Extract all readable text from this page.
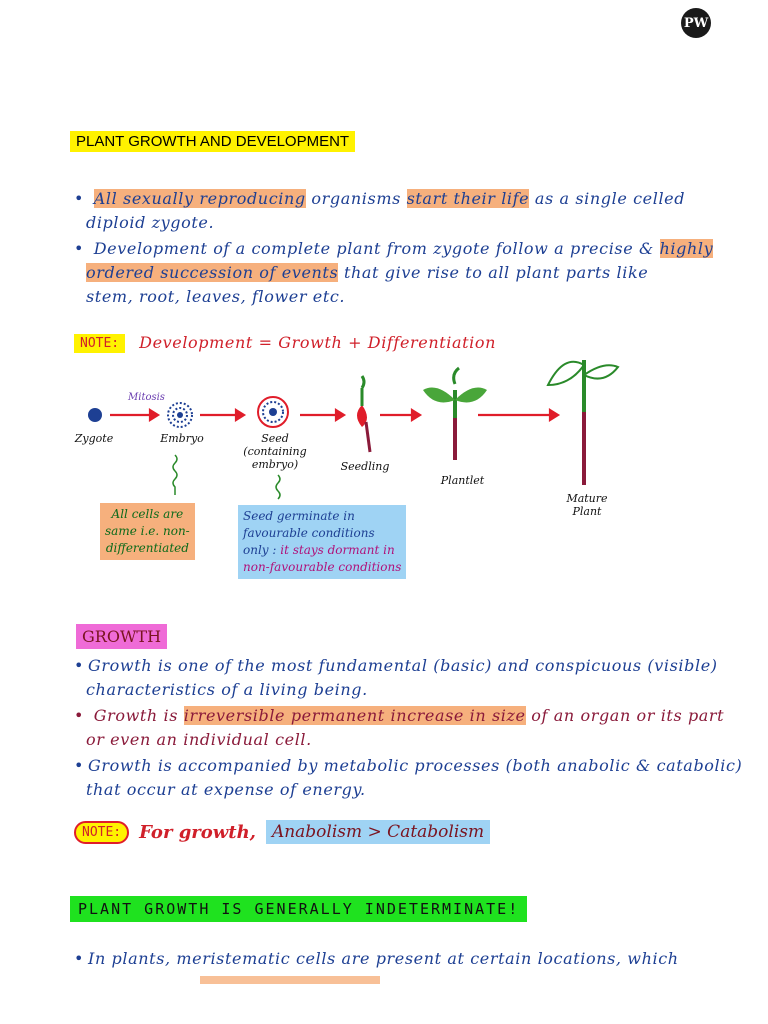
PW
PLANT GROWTH AND DEVELOPMENT
• All sexually reproducing organisms start their life as a single celled
diploid zygote.
• Development of a complete plant from zygote follow a precise & highly
ordered succession of events that give rise to all plant parts like
stem, root, leaves, flower etc.
NOTE:	Development = Growth + Differentiation
Mitosis
Zygote	Embryo	Seed
(containing
embryo)	Seedling
Plantlet
Mature
Plant
All cells are
same i.e. non-
differentiated
Seed germinate in
favourable conditions
only : it stays dormant in
non-favourable conditions
GROWTH
• Growth is one of the most fundamental (basic) and conspicuous (visible)
characteristics of a living being.
• Growth is irreversible permanent increase in size of an organ or its part
or even an individual cell.
• Growth is accompanied by metabolic processes (both anabolic & catabolic)
that occur at expense of energy.
NOTE:	For growth, Anabolism > Catabolism
PLANT GROWTH IS GENERALLY INDETERMINATE!
• In plants, meristematic cells are present at certain locations, which
